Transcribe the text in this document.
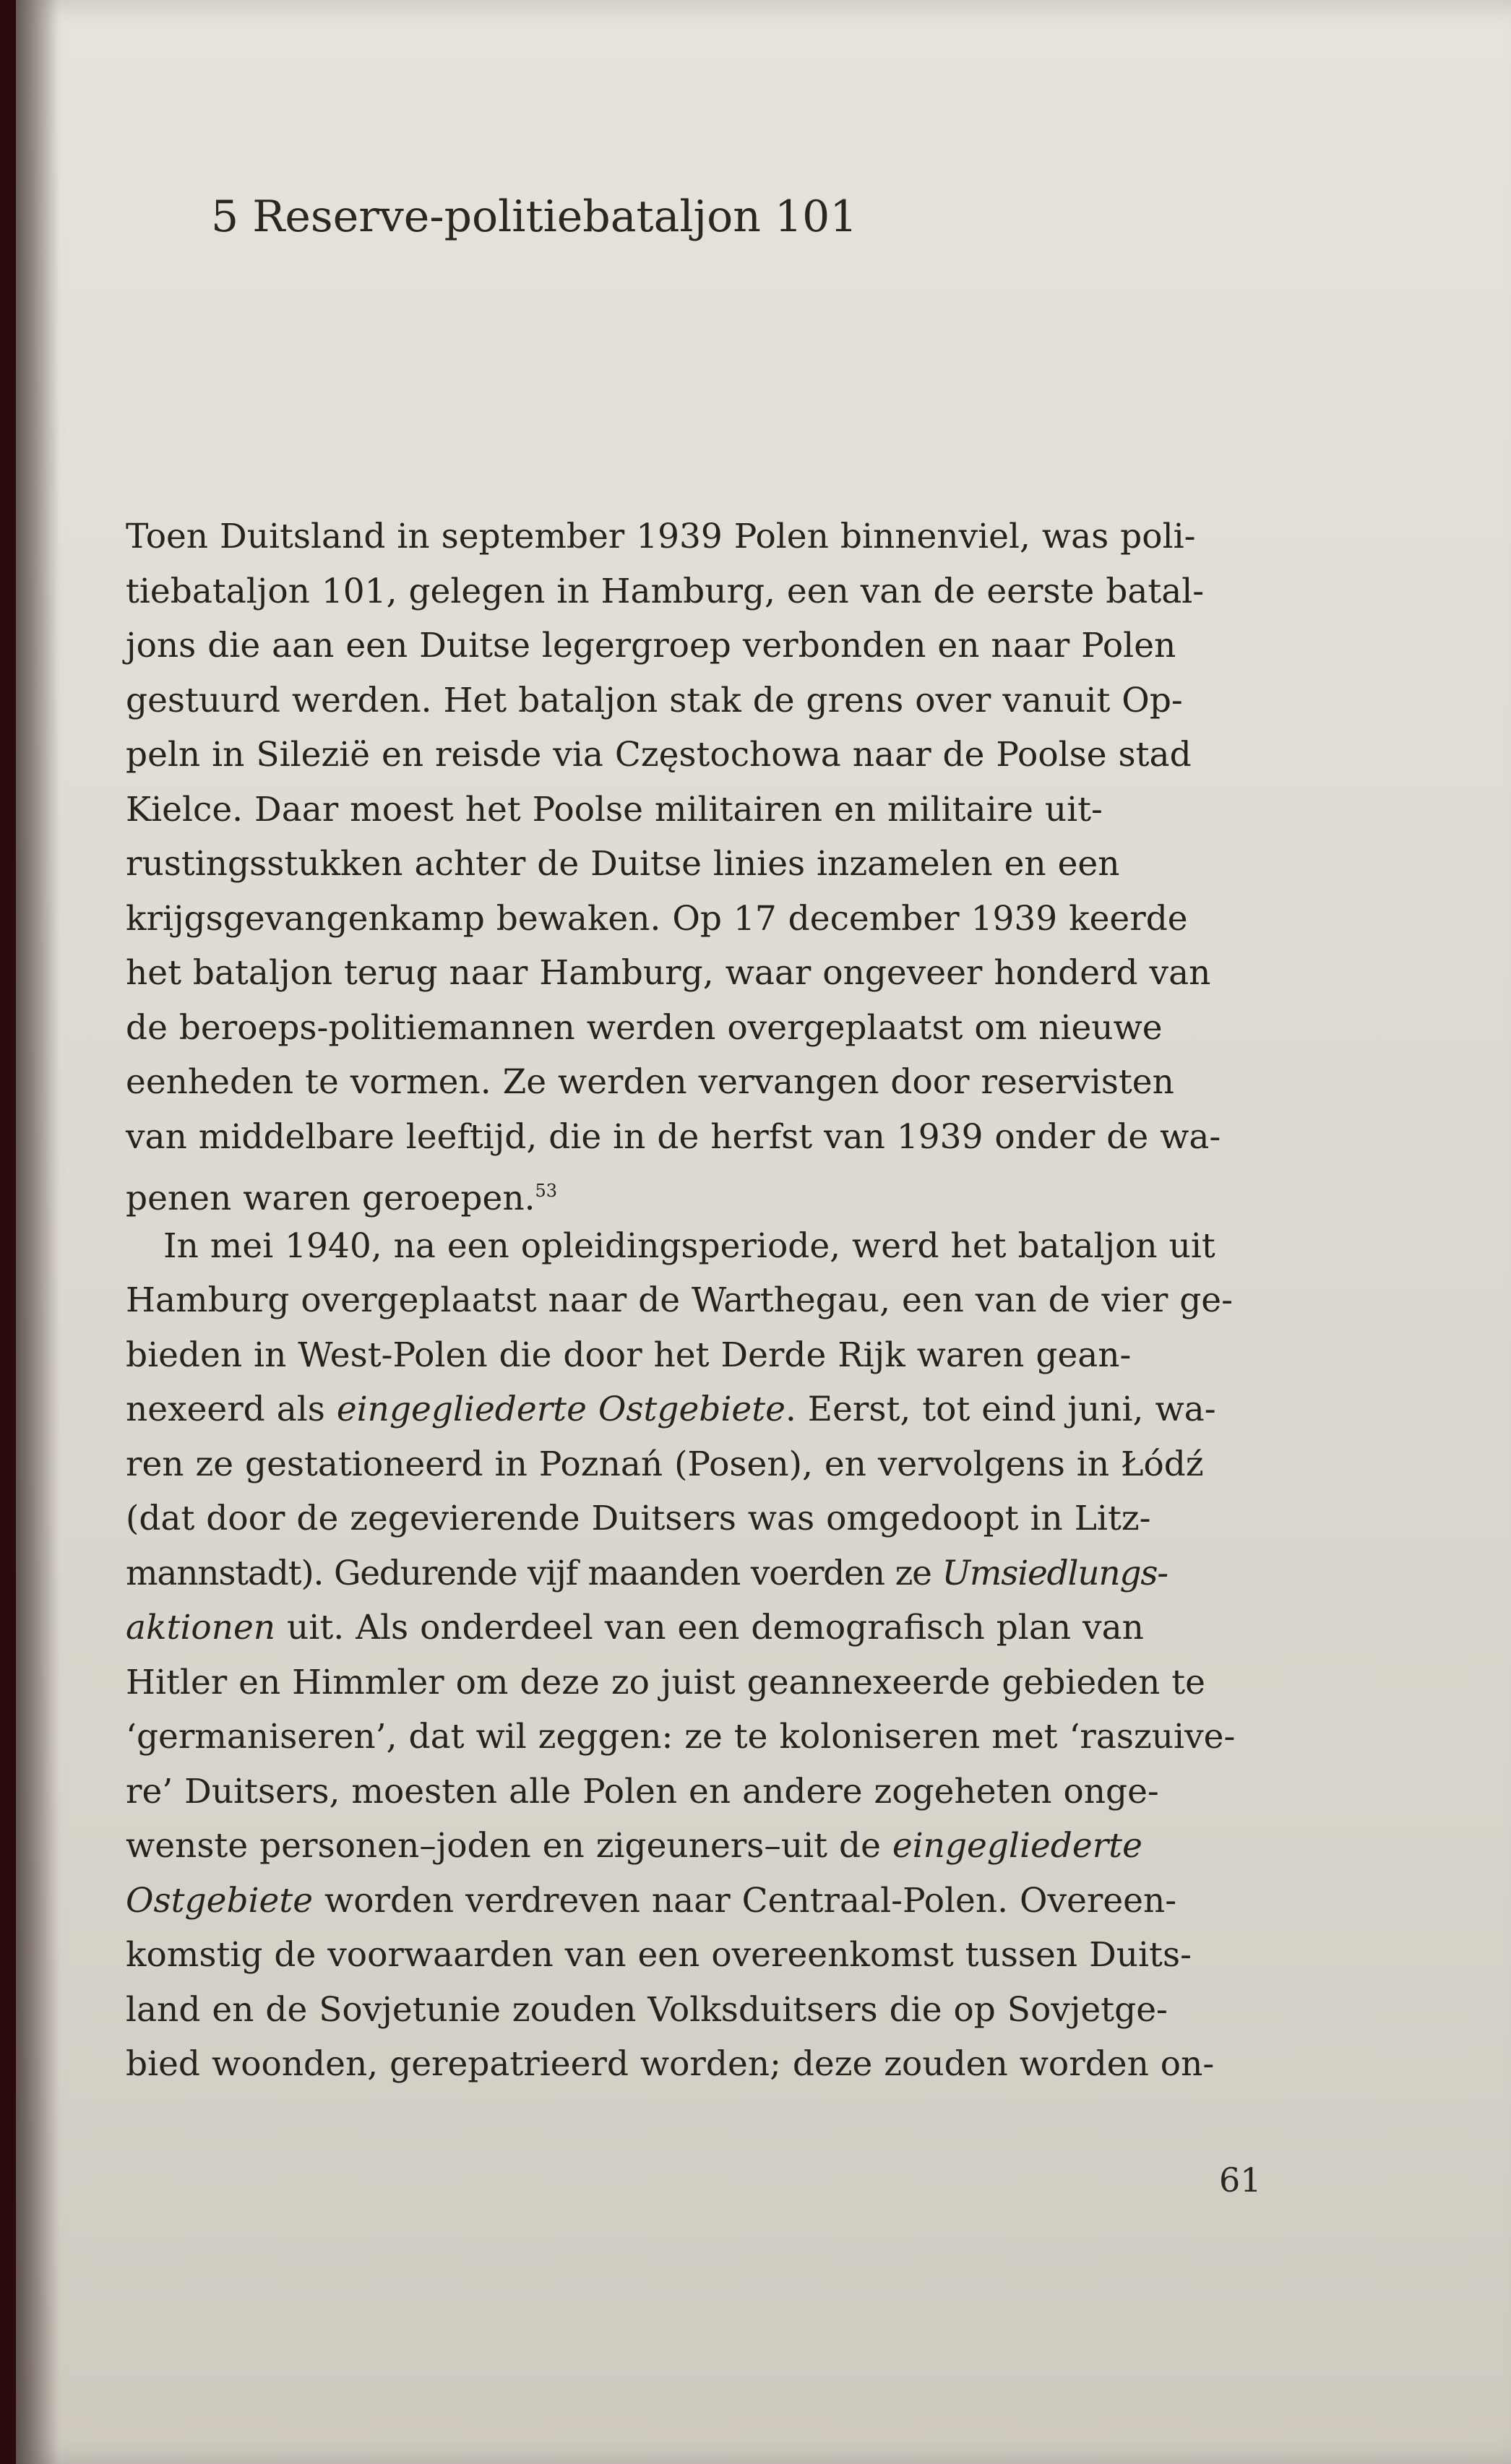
5 Reserve-politiebataljon 101
Toen Duitsland in september 1939 Polen binnenviel, was poli-
tiebataljon 101, gelegen in Hamburg, een van de eerste batal-
jons die aan een Duitse legergroep verbonden en naar Polen
gestuurd werden. Het bataljon stak de grens over vanuit Op-
peln in Silezië en reisde via Częstochowa naar de Poolse stad
Kielce. Daar moest het Poolse militairen en militaire uit-
rustingsstukken achter de Duitse linies inzamelen en een
krijgsgevangenkamp bewaken. Op 17 december 1939 keerde
het bataljon terug naar Hamburg, waar ongeveer honderd van
de beroeps-politiemannen werden overgeplaatst om nieuwe
eenheden te vormen. Ze werden vervangen door reservisten
van middelbare leeftijd, die in de herfst van 1939 onder de wa-
penen waren geroepen.$^{53}$
In mei 1940, na een opleidingsperiode, werd het bataljon uit
Hamburg overgeplaatst naar de Warthegau, een van de vier ge-
bieden in West-Polen die door het Derde Rijk waren gean-
nexeerd als eingegliederte Ostgebiete. Eerst, tot eind juni, wa-
ren ze gestationeerd in Poznań (Posen), en vervolgens in Łódź
(dat door de zegevierende Duitsers was omgedoopt in Litz-
mannstadt). Gedurende vijf maanden voerden ze Umsiedlungs-
aktionen uit. Als onderdeel van een demografisch plan van
Hitler en Himmler om deze zo juist geannexeerde gebieden te
‘germaniseren’, dat wil zeggen: ze te koloniseren met ‘raszuive-
re’ Duitsers, moesten alle Polen en andere zogeheten onge-
wenste personen–joden en zigeuners–uit de eingegliederte
Ostgebiete worden verdreven naar Centraal-Polen. Overeen-
komstig de voorwaarden van een overeenkomst tussen Duits-
land en de Sovjetunie zouden Volksduitsers die op Sovjetge-
bied woonden, gerepatrieerd worden; deze zouden worden on-
61
